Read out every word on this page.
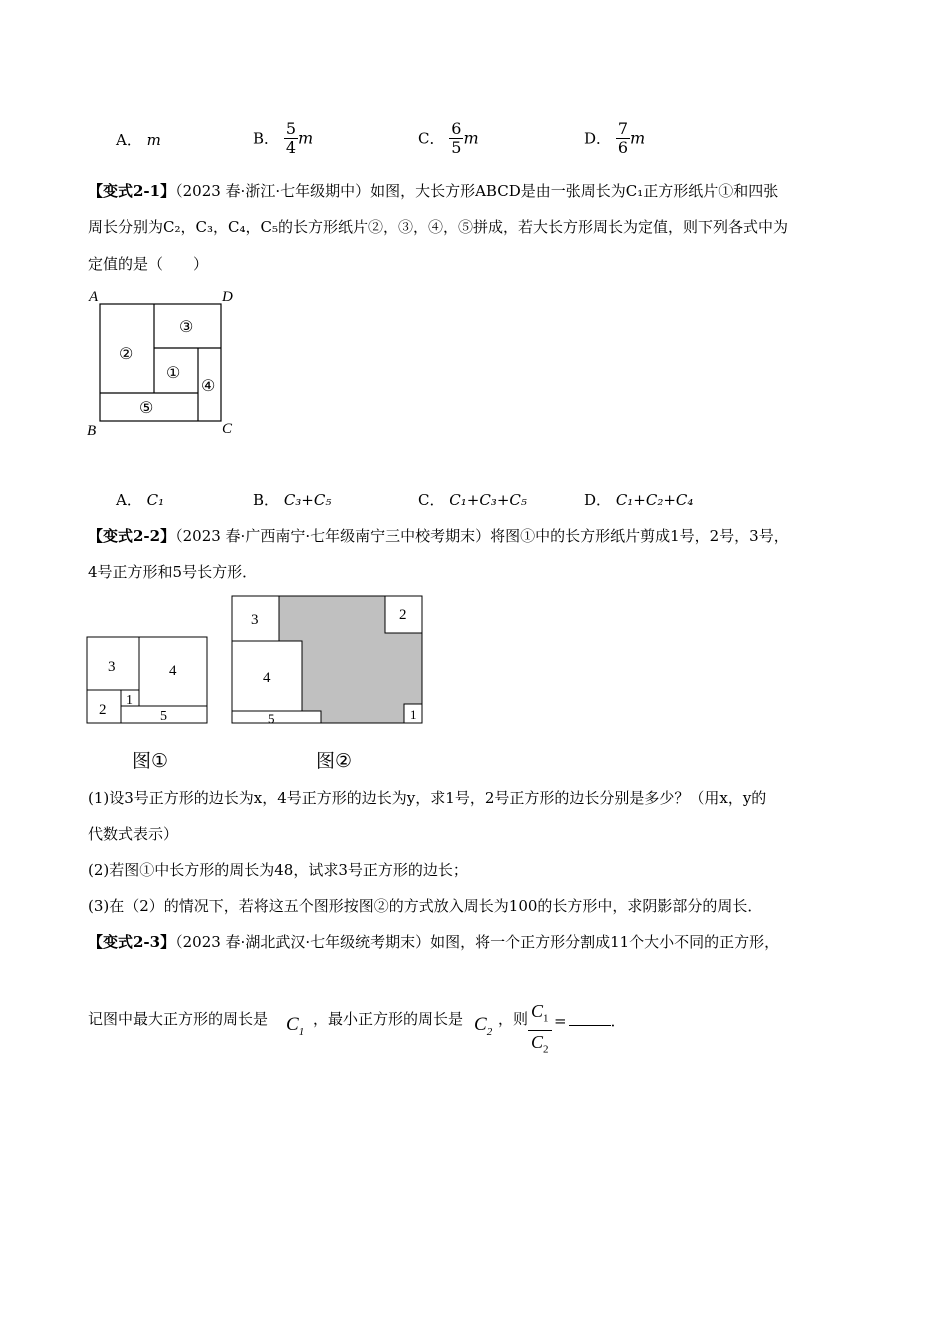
A． m	B． $\frac{5}{4}$ m	C． $\frac{6}{5}$ m	D． $\frac{7}{6}$ m
【变式2-1】（2023 春·浙江·七年级期中）如图，大长方形ABCD是由一张周长为C₁正方形纸片①和四张
周长分别为C₂，C₃，C₄，C₅的长方形纸片②，③，④，⑤拼成，若大长方形周长为定值，则下列各式中为
定值的是（　　）
A	D
B	C
②
③
①
④
⑤
A． C₁	B． C₃+C₅	C． C₁+C₃+C₅	D． C₁+C₂+C₄
【变式2-2】（2023 春·广西南宁·七年级南宁三中校考期末）将图①中的长方形纸片剪成1号，2号，3号，
4号正方形和5号长方形．
3	4
2
1
5
图①
3	2
4
5	1
图②
(1)设3号正方形的边长为x，4号正方形的边长为y，求1号，2号正方形的边长分别是多少？（用x，y的
代数式表示）
(2)若图①中长方形的周长为48，试求3号正方形的边长；
(3)在（2）的情况下，若将这五个图形按图②的方式放入周长为100的长方形中，求阴影部分的周长．
【变式2-3】（2023 春·湖北武汉·七年级统考期末）如图，将一个正方形分割成11个大小不同的正方形，
记图中最大正方形的周长是 $C_1$
，最小正方形的周长是 $C_2$
，则 $\frac{C_1}{C_2}$ =	．
